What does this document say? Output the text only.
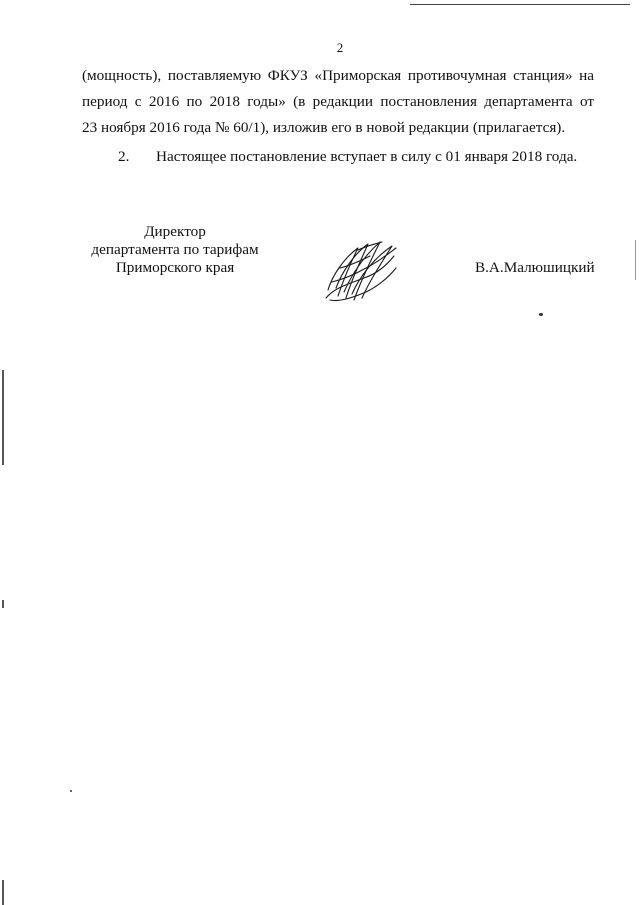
2
(мощность), поставляемую ФКУЗ «Приморская противочумная станция» на
период с 2016 по 2018 годы» (в редакции постановления департамента от
23 ноября 2016 года № 60/1), изложив его в новой редакции (прилагается).
2. Настоящее постановление вступает в силу с 01 января 2018 года.
Директор
департамента по тарифам
Приморского края	В.А.Малюшицкий
